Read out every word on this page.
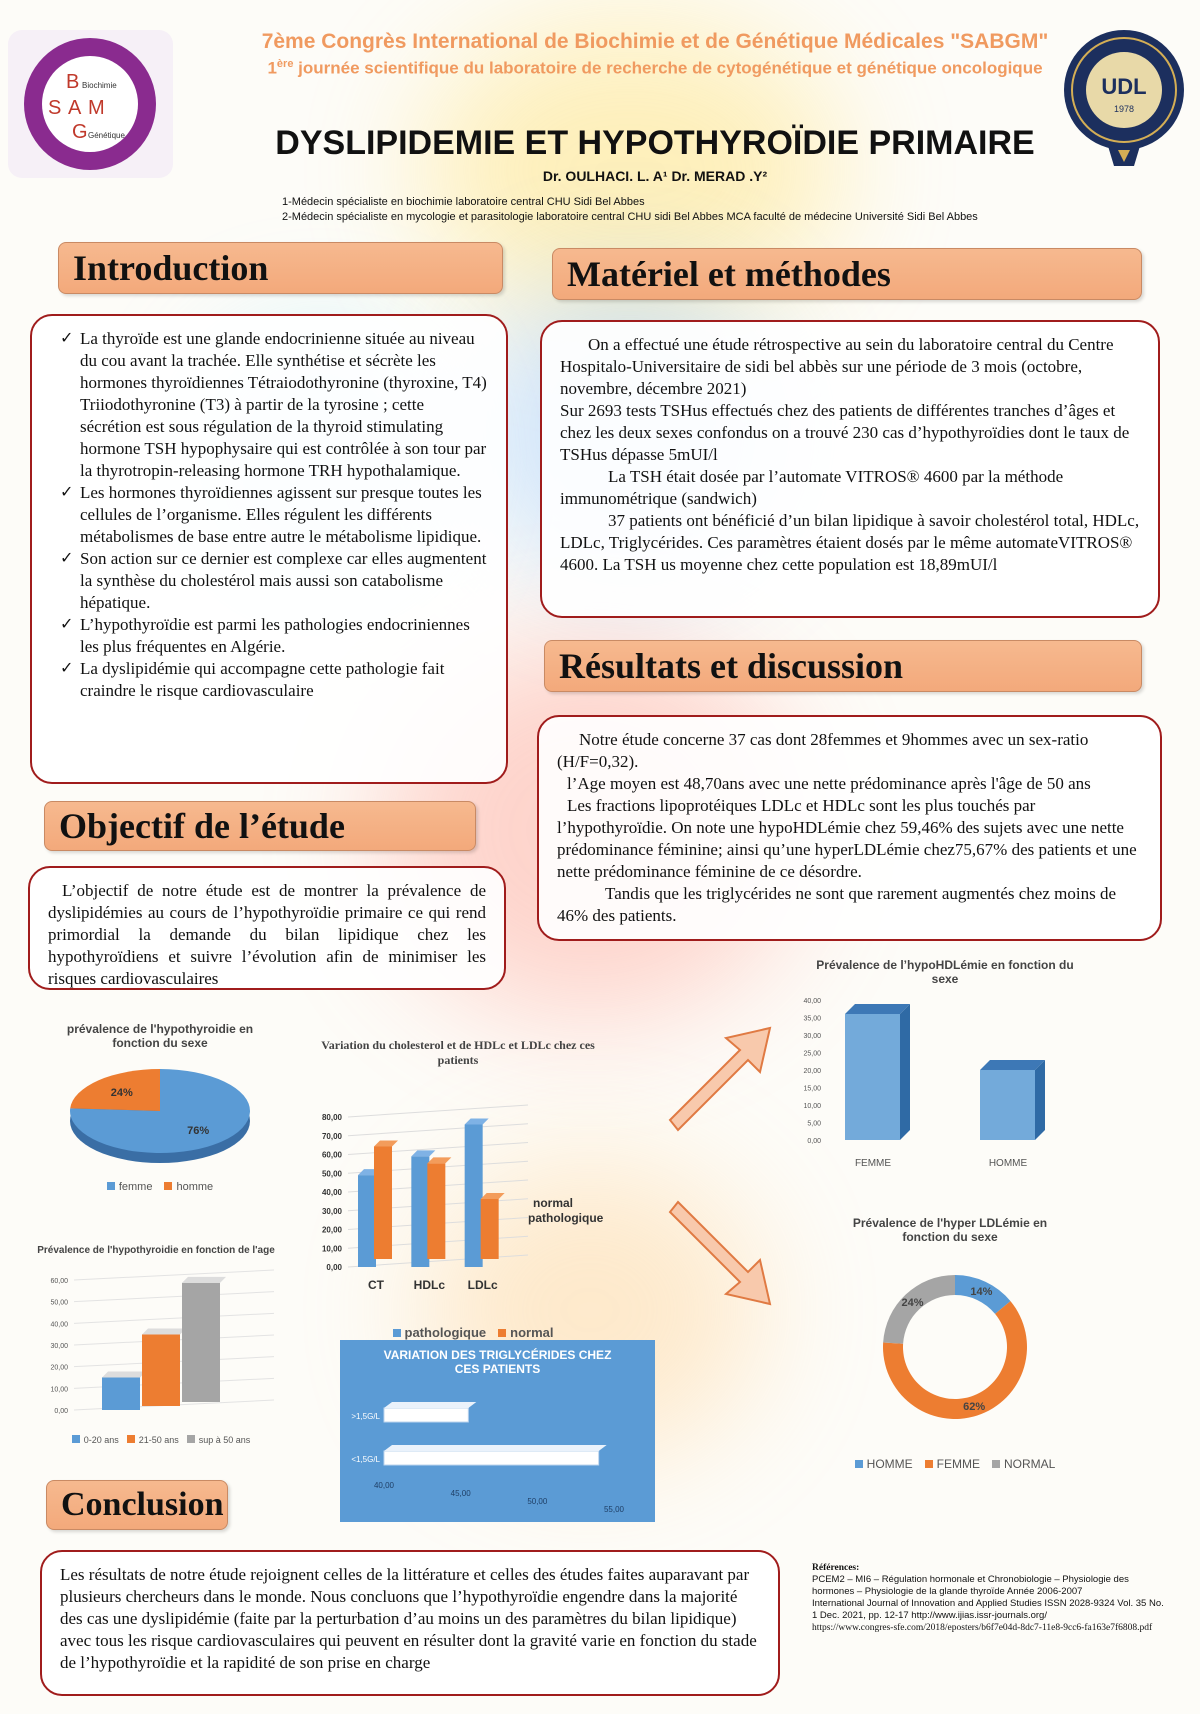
B
S A M
G
Biochimie
Génétique
UDL
1978
7ème Congrès International de Biochimie et de Génétique Médicales "SABGM"
1ère journée scientifique du laboratoire de recherche de cytogénétique et génétique oncologique
DYSLIPIDEMIE ET HYPOTHYROÏDIE PRIMAIRE
Dr. OULHACI. L. A¹ Dr. MERAD .Y²
1-Médecin spécialiste en biochimie laboratoire central CHU Sidi Bel Abbes
2-Médecin spécialiste en mycologie et parasitologie laboratoire central CHU sidi Bel Abbes MCA faculté de médecine Université Sidi Bel Abbes
Introduction
✓ La thyroïde est une glande endocrinienne située au niveau du cou avant la trachée. Elle synthétise et sécrète les hormones thyroïdiennes Tétraiodothyronine (thyroxine, T4) Triiodothyronine (T3) à partir de la tyrosine ; cette sécrétion est sous régulation de la thyroid stimulating hormone TSH hypophysaire qui est contrôlée à son tour par la thyrotropin-releasing hormone TRH hypothalamique.
✓ Les hormones thyroïdiennes agissent sur presque toutes les cellules de l’organisme. Elles régulent les différents métabolismes de base entre autre le métabolisme lipidique.
✓ Son action sur ce dernier est complexe car elles augmentent la synthèse du cholestérol mais aussi son catabolisme hépatique.
✓ L’hypothyroïdie est parmi les pathologies endocriniennes les plus fréquentes en Algérie.
✓ La dyslipidémie qui accompagne cette pathologie fait craindre le risque cardiovasculaire
Objectif de l’étude

L’objectif de notre étude est de montrer la prévalence de dyslipidémies au cours de l’hypothyroïdie primaire ce qui rend primordial la demande du bilan lipidique chez les hypothyroïdiens et suivre l’évolution afin de minimiser les risques cardiovasculaires

Matériel et méthodes

On a effectué une étude rétrospective au sein du laboratoire central du Centre Hospitalo-Universitaire de sidi bel abbès sur une période de 3 mois (octobre, novembre, décembre 2021)

Sur 2693 tests TSHus effectués chez des patients de différentes tranches d’âges et chez les deux sexes confondus on a trouvé 230 cas d’hypothyroïdies dont le taux de TSHus dépasse 5mUI/l

La TSH était dosée par l’automate VITROS® 4600 par la méthode immunométrique (sandwich)

37 patients ont bénéficié d’un bilan lipidique à savoir cholestérol total, HDLc, LDLc, Triglycérides. Ces paramètres étaient dosés par le même automateVITROS® 4600. La TSH us moyenne chez cette population est 18,89mUI/l

Résultats et discussion

Notre étude concerne 37 cas dont 28femmes et 9hommes avec un sex-ratio (H/F=0,32).

l’Age moyen est 48,70ans avec une nette prédominance après l'âge de 50 ans

Les fractions lipoprotéiques LDLc et HDLc sont les plus touchés par l’hypothyroïdie. On note une hypoHDLémie chez 59,46% des sujets avec une nette prédominance féminine; ainsi qu’une hyperLDLémie chez75,67% des patients et une nette prédominance féminine de ce désordre.

Tandis que les triglycérides ne sont que rarement augmentés chez moins de 46% des patients.

prévalence de l'hypothyroidie en fonction du sexe
76%
24%
femme	homme
Variation du cholesterol et de HDLc et LDLc chez ces patients
0,00
10,00
20,00
30,00
40,00
50,00
60,00
70,00
80,00
CT HDLc LDLc
normal
pathologique
pathologique	normal
Prévalence de l'hypothyroidie en fonction de l'age
0,00
10,00
20,00
30,00
40,00
50,00
60,00
0-20 ans	21-50 ans	sup à 50 ans
VARIATION DES TRIGLYCÉRIDES CHEZ CES PATIENTS
>1,5G/L
<1,5G/L
40,00
45,00
50,00
55,00
Prévalence de l’hypoHDLémie en fonction du sexe
0,00
5,00
10,00
15,00
20,00
25,00
30,00
35,00
40,00
FEMME	HOMME
Prévalence de l'hyper LDLémie en fonction du sexe
14%
62%
24%
HOMME	FEMME	NORMAL
Conclusion

Les résultats de notre étude rejoignent celles de la littérature et celles des études faites auparavant par plusieurs chercheurs dans le monde. Nous concluons que l’hypothyroïdie engendre dans la majorité des cas une dyslipidémie (faite par la perturbation d’au moins un des paramètres du bilan lipidique) avec tous les risque cardiovasculaires qui peuvent en résulter dont la gravité varie en fonction du stade de l’hypothyroïdie et la rapidité de son prise en charge

Références:
PCEM2 – MI6 – Régulation hormonale et Chronobiologie – Physiologie des hormones – Physiologie de la glande thyroïde Année 2006-2007
International Journal of Innovation and Applied Studies ISSN 2028-9324 Vol. 35 No. 1 Dec. 2021, pp. 12-17 http://www.ijias.issr-journals.org/
https://www.congres-sfe.com/2018/eposters/b6f7e04d-8dc7-11e8-9cc6-fa163e7f6808.pdf
